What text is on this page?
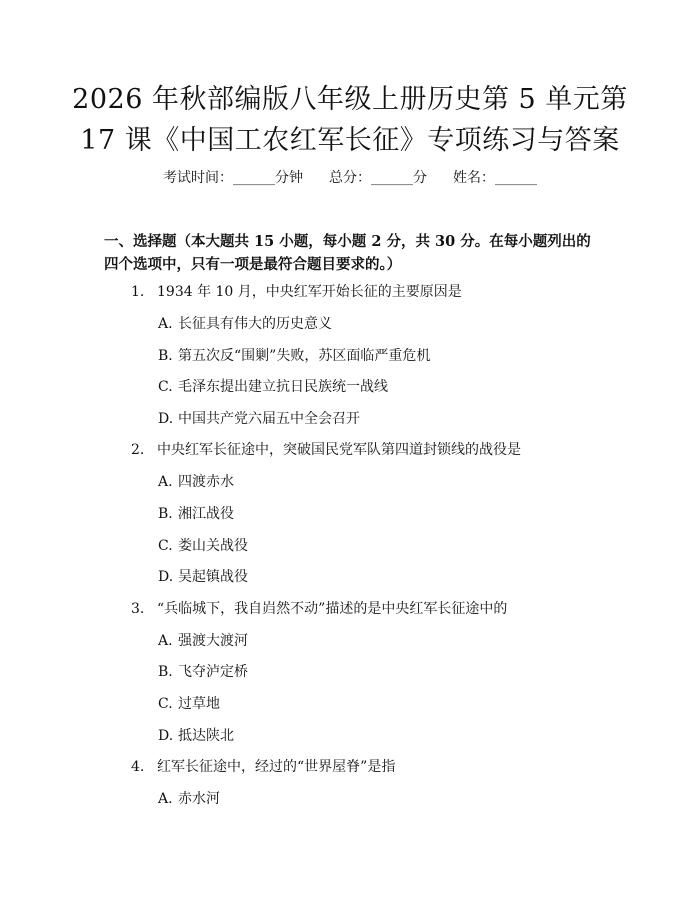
2026 年秋部编版八年级上册历史第 5 单元第
17 课《中国工农红军长征》专项练习与答案
考试时间：______分钟 总分：______分 姓名：______
一、选择题（本大题共 15 小题，每小题 2 分，共 30 分。在每小题列出的四个选项中，只有一项是最符合题目要求的。）
1. 1934 年 10 月，中央红军开始长征的主要原因是
A. 长征具有伟大的历史意义
B. 第五次反“围剿”失败，苏区面临严重危机
C. 毛泽东提出建立抗日民族统一战线
D. 中国共产党六届五中全会召开
2. 中央红军长征途中，突破国民党军队第四道封锁线的战役是
A. 四渡赤水
B. 湘江战役
C. 娄山关战役
D. 吴起镇战役
3. “兵临城下，我自岿然不动”描述的是中央红军长征途中的
A. 强渡大渡河
B. 飞夺泸定桥
C. 过草地
D. 抵达陕北
4. 红军长征途中，经过的“世界屋脊”是指
A. 赤水河
